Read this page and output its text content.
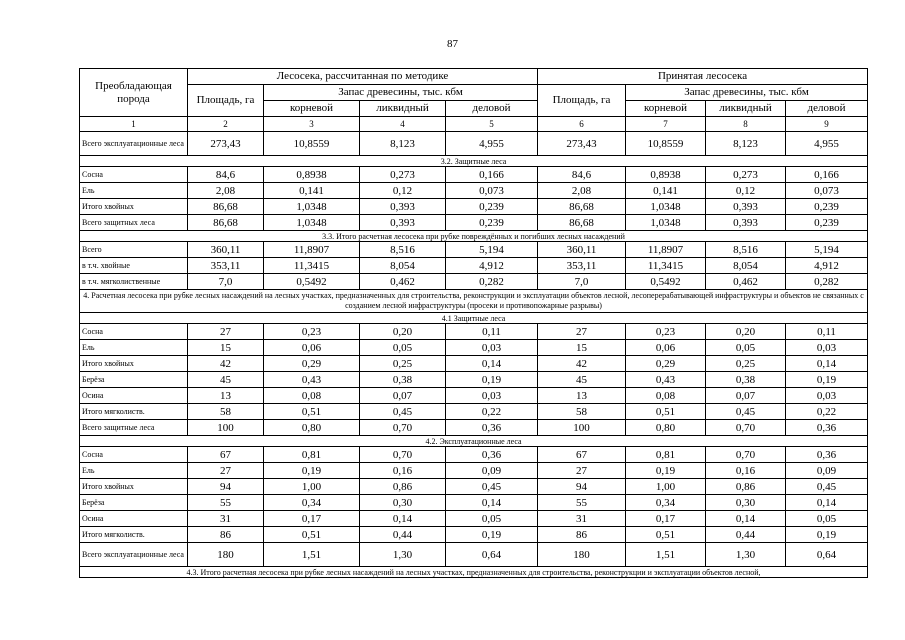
87
Преобладающая порода	Лесосека, рассчитанная по методике				Принятая лесосека			
	Площадь, га	Запас древесины, тыс. кбм			Площадь, га	Запас древесины, тыс. кбм		
		корневой	ликвидный	деловой		корневой	ликвидный	деловой
1	2	3	4	5	6	7	8	9
Всего эксплуатационные леса	273,43	10,8559	8,123	4,955	273,43	10,8559	8,123	4,955
3.2. Защитные леса								
Сосна	84,6	0,8938	0,273	0,166	84,6	0,8938	0,273	0,166
Ель	2,08	0,141	0,12	0,073	2,08	0,141	0,12	0,073
Итого хвойных	86,68	1,0348	0,393	0,239	86,68	1,0348	0,393	0,239
Всего защитных леса	86,68	1,0348	0,393	0,239	86,68	1,0348	0,393	0,239
3.3. Итого расчетная лесосека при рубке повреждённых и погибших лесных насаждений								
Всего	360,11	11,8907	8,516	5,194	360,11	11,8907	8,516	5,194
в т.ч. хвойные	353,11	11,3415	8,054	4,912	353,11	11,3415	8,054	4,912
в т.ч. мягколиственные	7,0	0,5492	0,462	0,282	7,0	0,5492	0,462	0,282
4. Расчетная лесосека при рубке лесных насаждений на лесных участках, предназначенных для строительства, реконструкции и эксплуатации объектов лесной, лесоперерабатывающей инфраструктуры и объектов не связанных с созданием лесной инфраструктуры (просеки и противопожарные разрывы)								
4.1 Защитные леса								
Сосна	27	0,23	0,20	0,11	27	0,23	0,20	0,11
Ель	15	0,06	0,05	0,03	15	0,06	0,05	0,03
Итого хвойных	42	0,29	0,25	0,14	42	0,29	0,25	0,14
Берёза	45	0,43	0,38	0,19	45	0,43	0,38	0,19
Осина	13	0,08	0,07	0,03	13	0,08	0,07	0,03
Итого мягколиств.	58	0,51	0,45	0,22	58	0,51	0,45	0,22
Всего защитные леса	100	0,80	0,70	0,36	100	0,80	0,70	0,36
4.2. Эксплуатационные леса								
Сосна	67	0,81	0,70	0,36	67	0,81	0,70	0,36
Ель	27	0,19	0,16	0,09	27	0,19	0,16	0,09
Итого хвойных	94	1,00	0,86	0,45	94	1,00	0,86	0,45
Берёза	55	0,34	0,30	0,14	55	0,34	0,30	0,14
Осина	31	0,17	0,14	0,05	31	0,17	0,14	0,05
Итого мягколиств.	86	0,51	0,44	0,19	86	0,51	0,44	0,19
Всего эксплуатационные леса	180	1,51	1,30	0,64	180	1,51	1,30	0,64
4.3. Итого расчетная лесосека при рубке лесных насаждений на лесных участках, предназначенных для строительства, реконструкции и эксплуатации объектов лесной,								
